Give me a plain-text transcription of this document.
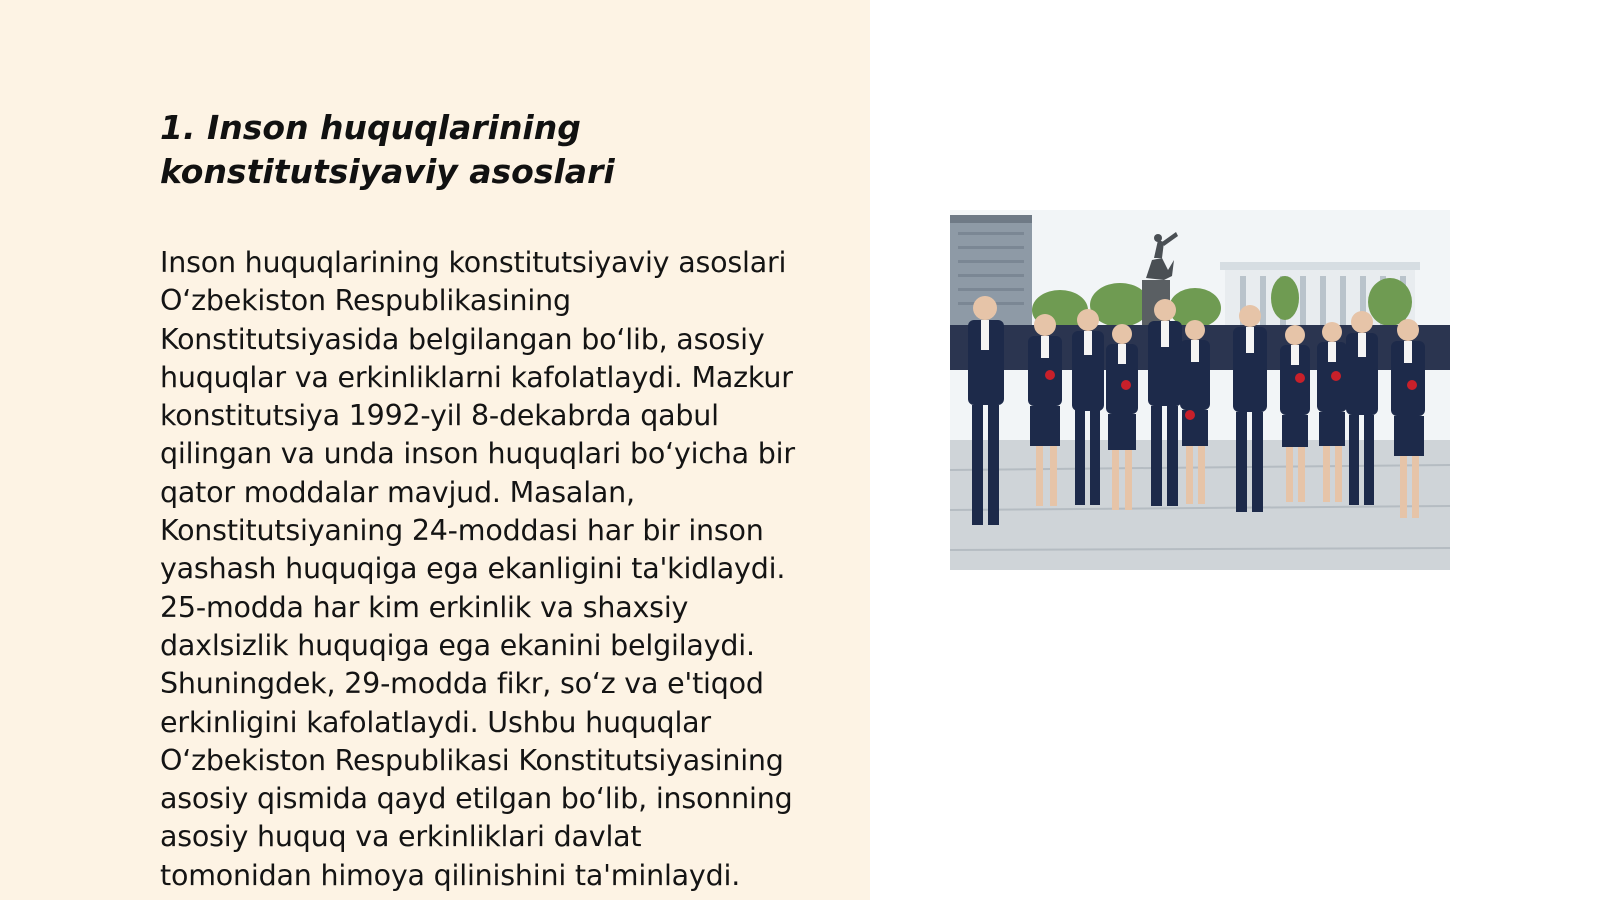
1. Inson huquqlarining
konstitutsiyaviy asoslari

Inson huquqlarining konstitutsiyaviy asoslari
O‘zbekiston Respublikasining
Konstitutsiyasida belgilangan bo‘lib, asosiy
huquqlar va erkinliklarni kafolatlaydi. Mazkur
konstitutsiya 1992-yil 8-dekabrda qabul
qilingan va unda inson huquqlari bo‘yicha bir
qator moddalar mavjud. Masalan,
Konstitutsiyaning 24-moddasi har bir inson
yashash huquqiga ega ekanligini ta'kidlaydi.
25-modda har kim erkinlik va shaxsiy
daxlsizlik huquqiga ega ekanini belgilaydi.
Shuningdek, 29-modda fikr, so‘z va e'tiqod
erkinligini kafolatlaydi. Ushbu huquqlar
O‘zbekiston Respublikasi Konstitutsiyasining
asosiy qismida qayd etilgan bo‘lib, insonning
asosiy huquq va erkinliklari davlat
tomonidan himoya qilinishini ta'minlaydi.
